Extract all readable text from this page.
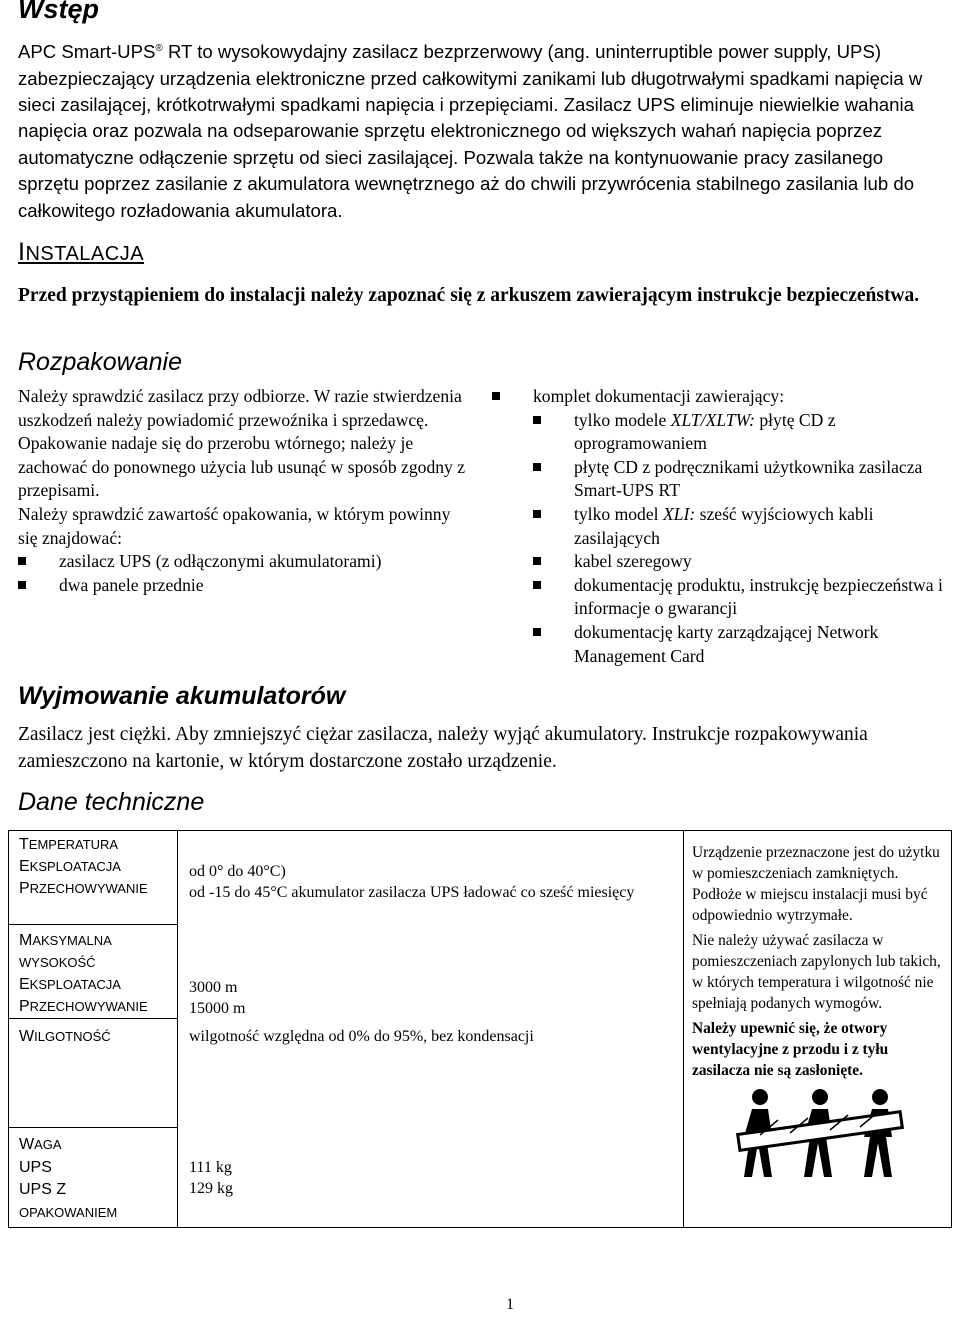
Wstęp

APC Smart-UPS® RT to wysokowydajny zasilacz bezprzerwowy (ang. uninterruptible power supply, UPS) zabezpieczający urządzenia elektroniczne przed całkowitymi zanikami lub długotrwałymi spadkami napięcia w sieci zasilającej, krótkotrwałymi spadkami napięcia i przepięciami. Zasilacz UPS eliminuje niewielkie wahania napięcia oraz pozwala na odseparowanie sprzętu elektronicznego od większych wahań napięcia poprzez automatyczne odłączenie sprzętu od sieci zasilającej. Pozwala także na kontynuowanie pracy zasilanego sprzętu poprzez zasilanie z akumulatora wewnętrznego aż do chwili przywrócenia stabilnego zasilania lub do całkowitego rozładowania akumulatora.

INSTALACJA

Przed przystąpieniem do instalacji należy zapoznać się z arkuszem zawierającym instrukcje bezpieczeństwa.

Rozpakowanie

Należy sprawdzić zasilacz przy odbiorze. W razie stwierdzenia uszkodzeń należy powiadomić przewoźnika i sprzedawcę.

Opakowanie nadaje się do przerobu wtórnego; należy je zachować do ponownego użycia lub usunąć w sposób zgodny z przepisami.

Należy sprawdzić zawartość opakowania, w którym powinny się znajdować:

zasilacz UPS (z odłączonymi akumulatorami)
dwa panele przednie
komplet dokumentacji zawierający:
tylko modele XLT/XLTW: płytę CD z oprogramowaniem
płytę CD z podręcznikami użytkownika zasilacza Smart-UPS RT
tylko model XLI: sześć wyjściowych kabli zasilających
kabel szeregowy
dokumentację produktu, instrukcję bezpieczeństwa i informacje o gwarancji
dokumentację karty zarządzającej Network Management Card
Wyjmowanie akumulatorów

Zasilacz jest ciężki. Aby zmniejszyć ciężar zasilacza, należy wyjąć akumulatory. Instrukcje rozpakowywania zamieszczono na kartonie, w którym dostarczone zostało urządzenie.

Dane techniczne
TEMPERATURA
EKSPLOATACJA
PRZECHOWYWANIE
od 0° do 40°C)
od -15 do 45°C akumulator zasilacza UPS ładować co sześć miesięcy
MAKSYMALNA
WYSOKOŚĆ
EKSPLOATACJA
PRZECHOWYWANIE
3000 m
15000 m
WILGOTNOŚĆ	wilgotność względna od 0% do 95%, bez kondensacji
WAGA
UPS
UPS Z
OPAKOWANIEM
111 kg
129 kg

Urządzenie przeznaczone jest do użytku w pomieszczeniach zamkniętych. Podłoże w miejscu instalacji musi być odpowiednio wytrzymałe.

Nie należy używać zasilacza w pomieszczeniach zapylonych lub takich, w których temperatura i wilgotność nie spełniają podanych wymogów.

Należy upewnić się, że otwory wentylacyjne z przodu i z tyłu zasilacza nie są zasłonięte.

1
